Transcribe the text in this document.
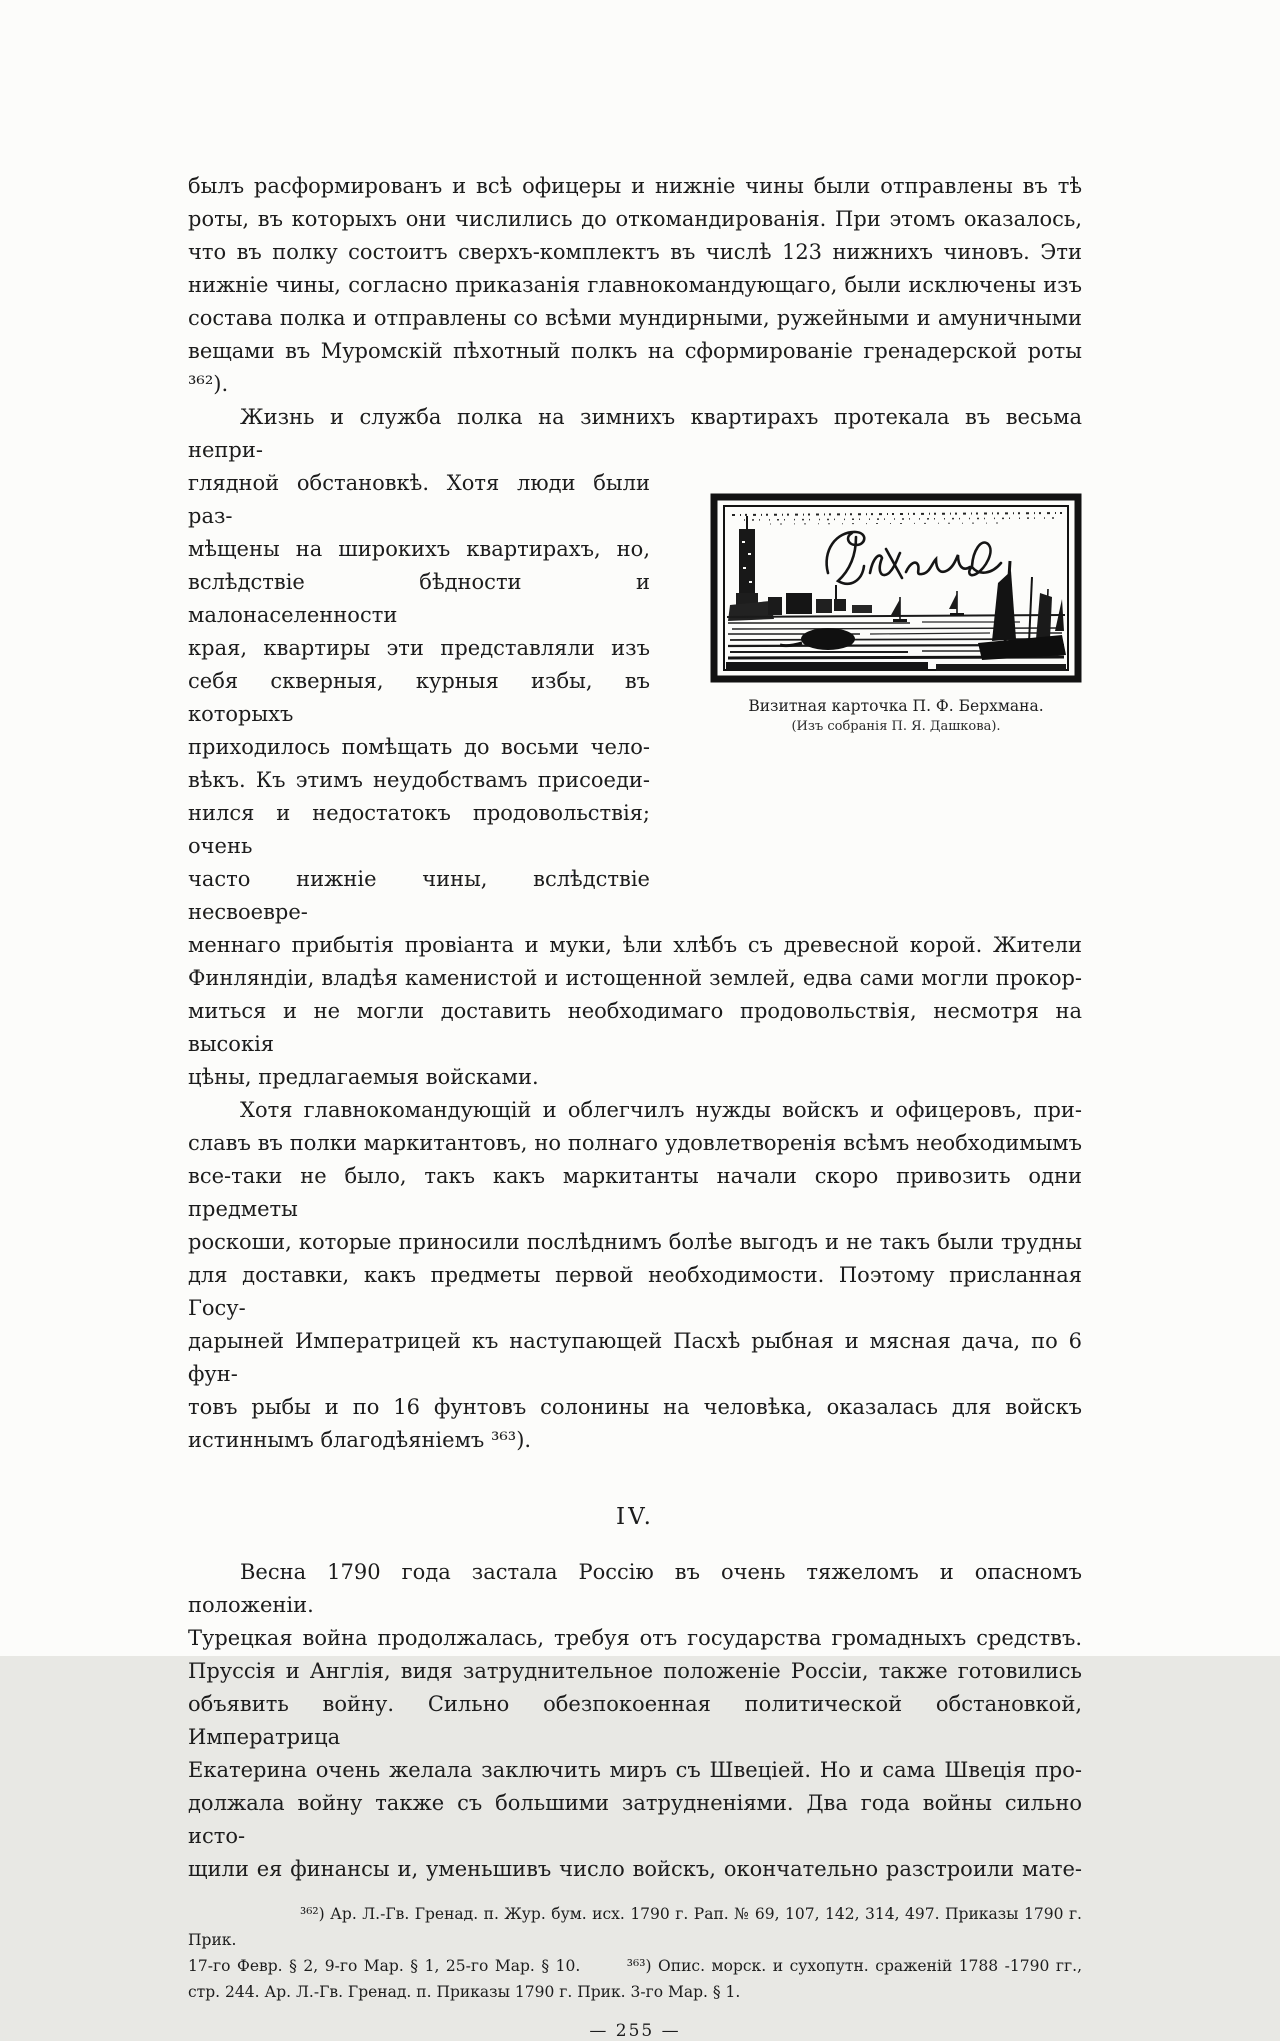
былъ расформированъ и всѣ офицеры и нижніе чины были отправлены въ тѣ
роты, въ которыхъ они числились до откомандированія. При этомъ оказалось,
что въ полку состоитъ сверхъ-комплектъ въ числѣ 123 нижнихъ чиновъ. Эти
нижніе чины, согласно приказанія главнокомандующаго, были исключены изъ
состава полка и отправлены со всѣми мундирными, ружейными и амуничными
вещами въ Муромскій пѣхотный полкъ на сформированіе гренадерской роты ³⁶²).
Жизнь и служба полка на зимнихъ квартирахъ протекала въ весьма непри-
глядной обстановкѣ. Хотя люди были раз-
мѣщены на широкихъ квартирахъ, но,
вслѣдствіе бѣдности и малонаселенности
края, квартиры эти представляли изъ
себя скверныя, курныя избы, въ которыхъ
приходилось помѣщать до восьми чело-
вѣкъ. Къ этимъ неудобствамъ присоеди-
нился и недостатокъ продовольствія; очень
часто нижніе чины, вслѣдствіе несвоевре-
Визитная карточка П. Ф. Берхмана.
(Изъ собранія П. Я. Дашкова).
меннаго прибытія провіанта и муки, ѣли хлѣбъ съ древесной корой. Жители
Финляндіи, владѣя каменистой и истощенной землей, едва сами могли прокор-
миться и не могли доставить необходимаго продовольствія, несмотря на высокія
цѣны, предлагаемыя войсками.
Хотя главнокомандующій и облегчилъ нужды войскъ и офицеровъ, при-
славъ въ полки маркитантовъ, но полнаго удовлетворенія всѣмъ необходимымъ
все-таки не было, такъ какъ маркитанты начали скоро привозить одни предметы
роскоши, которые приносили послѣднимъ болѣе выгодъ и не такъ были трудны
для доставки, какъ предметы первой необходимости. Поэтому присланная Госу-
дарыней Императрицей къ наступающей Пасхѣ рыбная и мясная дача, по 6 фун-
товъ рыбы и по 16 фунтовъ солонины на человѣка, оказалась для войскъ
истиннымъ благодѣяніемъ ³⁶³).
IV.
Весна 1790 года застала Россію въ очень тяжеломъ и опасномъ положеніи.
Турецкая война продолжалась, требуя отъ государства громадныхъ средствъ.
Пруссія и Англія, видя затруднительное положеніе Россіи, также готовились
объявить войну. Сильно обезпокоенная политической обстановкой, Императрица
Екатерина очень желала заключить миръ съ Швеціей. Но и сама Швеція про-
должала войну также съ большими затрудненіями. Два года войны сильно исто-
щили ея финансы и, уменьшивъ число войскъ, окончательно разстроили мате-
³⁶²) Ар. Л.-Гв. Гренад. п. Жур. бум. исх. 1790 г. Рап. № 69, 107, 142, 314, 497. Приказы 1790 г. Прик.
17-го Февр. § 2, 9-го Мар. § 1, 25-го Мар. § 10.   ³⁶³) Опис. морск. и сухопутн. сраженій 1788 -1790 гг.,
стр. 244. Ар. Л.-Гв. Гренад. п. Приказы 1790 г. Прик. 3-го Мар. § 1.
— 255 —
